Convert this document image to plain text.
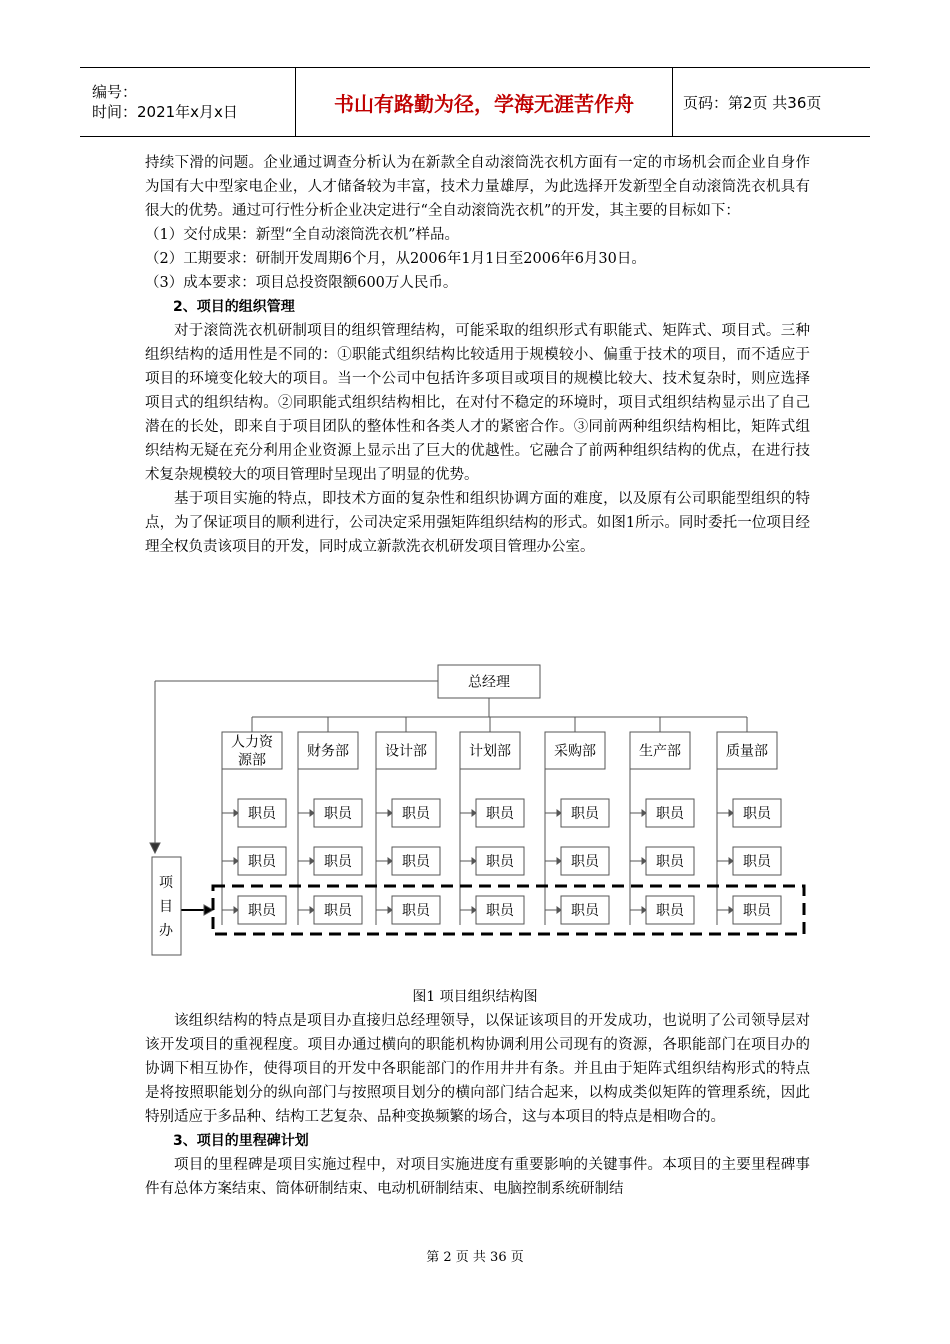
编号：
时间：2021年x月x日	书山有路勤为径，学海无涯苦作舟	页码：第2页 共36页

持续下滑的问题。企业通过调查分析认为在新款全自动滚筒洗衣机方面有一定的市场机会而企业自身作为国有大中型家电企业，人才储备较为丰富，技术力量雄厚，为此选择开发新型全自动滚筒洗衣机具有很大的优势。通过可行性分析企业决定进行“全自动滚筒洗衣机”的开发，其主要的目标如下：

（1）交付成果：新型“全自动滚筒洗衣机”样品。

（2）工期要求：研制开发周期6个月，从2006年1月1日至2006年6月30日。

（3）成本要求：项目总投资限额600万人民币。

2、项目的组织管理

对于滚筒洗衣机研制项目的组织管理结构，可能采取的组织形式有职能式、矩阵式、项目式。三种组织结构的适用性是不同的：①职能式组织结构比较适用于规模较小、偏重于技术的项目，而不适应于项目的环境变化较大的项目。当一个公司中包括许多项目或项目的规模比较大、技术复杂时，则应选择项目式的组织结构。②同职能式组织结构相比，在对付不稳定的环境时，项目式组织结构显示出了自己潜在的长处，即来自于项目团队的整体性和各类人才的紧密合作。③同前两种组织结构相比，矩阵式组织结构无疑在充分利用企业资源上显示出了巨大的优越性。它融合了前两种组织结构的优点，在进行技术复杂规模较大的项目管理时呈现出了明显的优势。

基于项目实施的特点，即技术方面的复杂性和组织协调方面的难度，以及原有公司职能型组织的特点，为了保证项目的顺利进行，公司决定采用强矩阵组织结构的形式。如图1所示。同时委托一位项目经理全权负责该项目的开发，同时成立新款洗衣机研发项目管理办公室。

总经理
人力资
源部
职员
职员
职员
财务部
职员
职员
职员
设计部
职员
职员
职员
计划部
职员
职员
职员
采购部
职员
职员
职员
生产部
职员
职员
职员
质量部
职员
职员
职员
项
目
办
图1 项目组织结构图

该组织结构的特点是项目办直接归总经理领导，以保证该项目的开发成功，也说明了公司领导层对该开发项目的重视程度。项目办通过横向的职能机构协调利用公司现有的资源，各职能部门在项目办的协调下相互协作，使得项目的开发中各职能部门的作用井井有条。并且由于矩阵式组织结构形式的特点是将按照职能划分的纵向部门与按照项目划分的横向部门结合起来，以构成类似矩阵的管理系统，因此特别适应于多品种、结构工艺复杂、品种变换频繁的场合，这与本项目的特点是相吻合的。

3、项目的里程碑计划

项目的里程碑是项目实施过程中，对项目实施进度有重要影响的关键事件。本项目的主要里程碑事件有总体方案结束、筒体研制结束、电动机研制结束、电脑控制系统研制结

第 2 页 共 36 页
